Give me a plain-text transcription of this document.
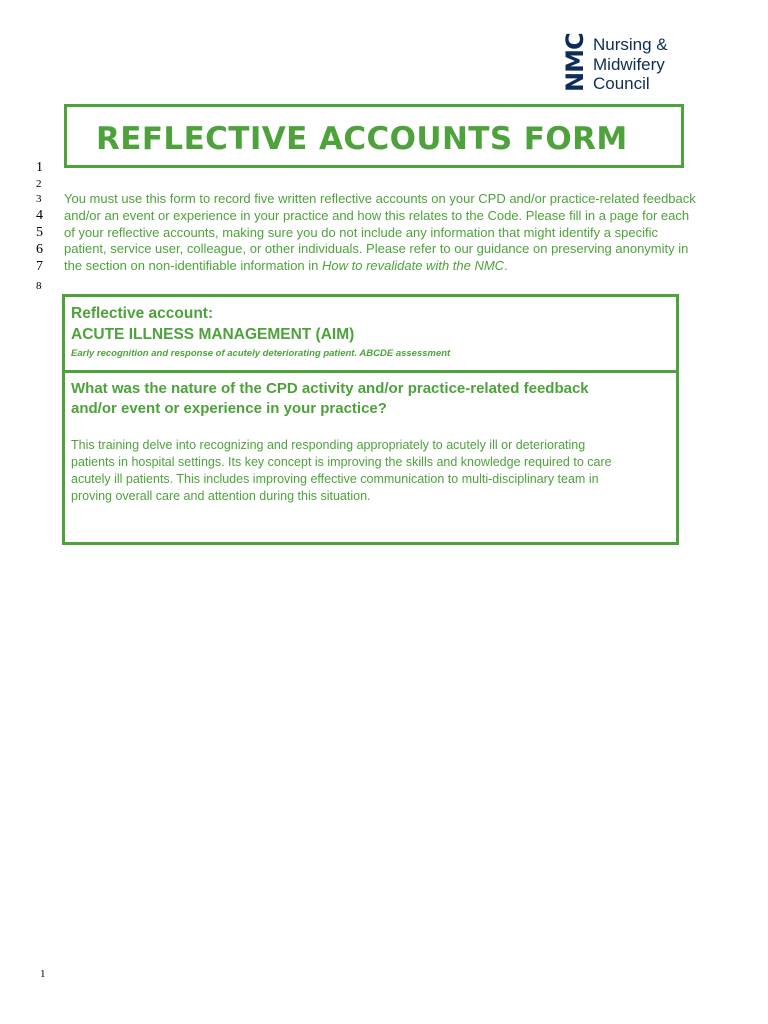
NMC Nursing &
Midwifery
Council
REFLECTIVE ACCOUNTS FORM
1
2
3
4
5
6
7
8
You must use this form to record five written reflective accounts on your CPD and/or practice-related feedback
and/or an event or experience in your practice and how this relates to the Code. Please fill in a page for each
of your reflective accounts, making sure you do not include any information that might identify a specific
patient, service user, colleague, or other individuals. Please refer to our guidance on preserving anonymity in
the section on non-identifiable information in How to revalidate with the NMC.
Reflective account:
ACUTE ILLNESS MANAGEMENT (AIM)
Early recognition and response of acutely deteriorating patient. ABCDE assessment
What was the nature of the CPD activity and/or practice-related feedback
and/or event or experience in your practice?
This training delve into recognizing and responding appropriately to acutely ill or deteriorating
patients in hospital settings. Its key concept is improving the skills and knowledge required to care
acutely ill patients. This includes improving effective communication to multi-disciplinary team in
proving overall care and attention during this situation.
1
